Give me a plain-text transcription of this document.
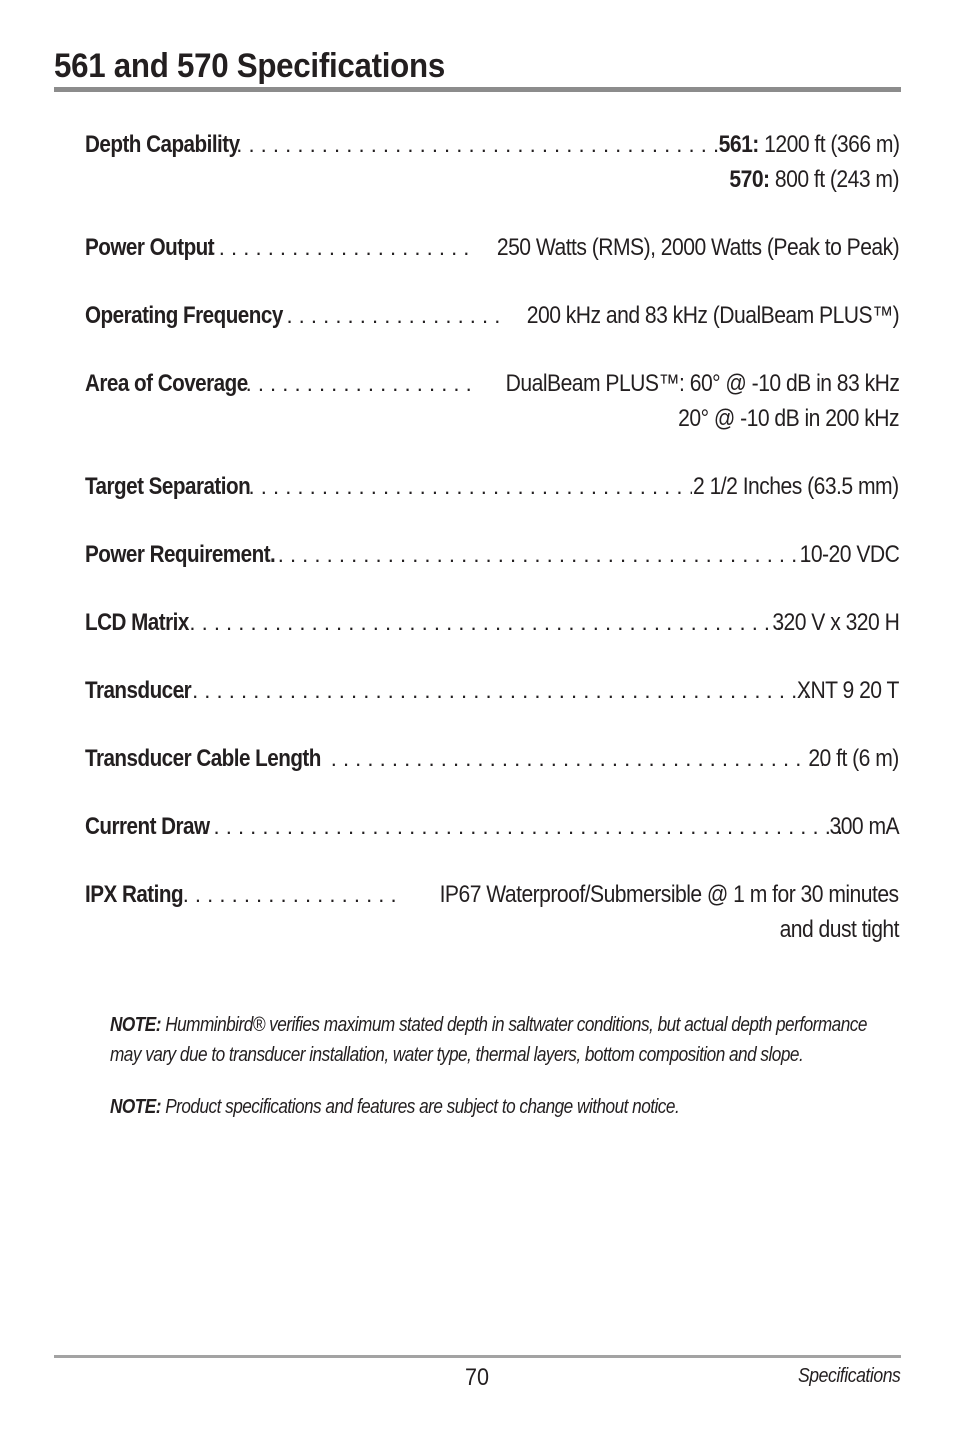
561 and 570 Specifications
Depth Capability . . .	561: 1200 ft (366 m)
570: 800 ft (243 m)
Power Output . . .	250 Watts (RMS), 2000 Watts (Peak to Peak)
Operating Frequency . . .	200 kHz and 83 kHz (DualBeam PLUS™)
Area of Coverage . . .	DualBeam PLUS™: 60° @ -10 dB in 83 kHz
20° @ -10 dB in 200 kHz
Target Separation . . .	2 1/2 Inches (63.5 mm)
Power Requirement. . . .	10-20 VDC
LCD Matrix . . .	320 V x 320 H
Transducer . . .	XNT 9 20 T
Transducer Cable Length . . .	20 ft (6 m)
Current Draw . . .	300 mA
IPX Rating . . .	IP67 Waterproof/Submersible @ 1 m for 30 minutes
and dust tight

NOTE: Humminbird® verifies maximum stated depth in saltwater conditions, but actual depth performance may vary due to transducer installation, water type, thermal layers, bottom composition and slope.

NOTE: Product specifications and features are subject to change without notice.

70	Specifications
